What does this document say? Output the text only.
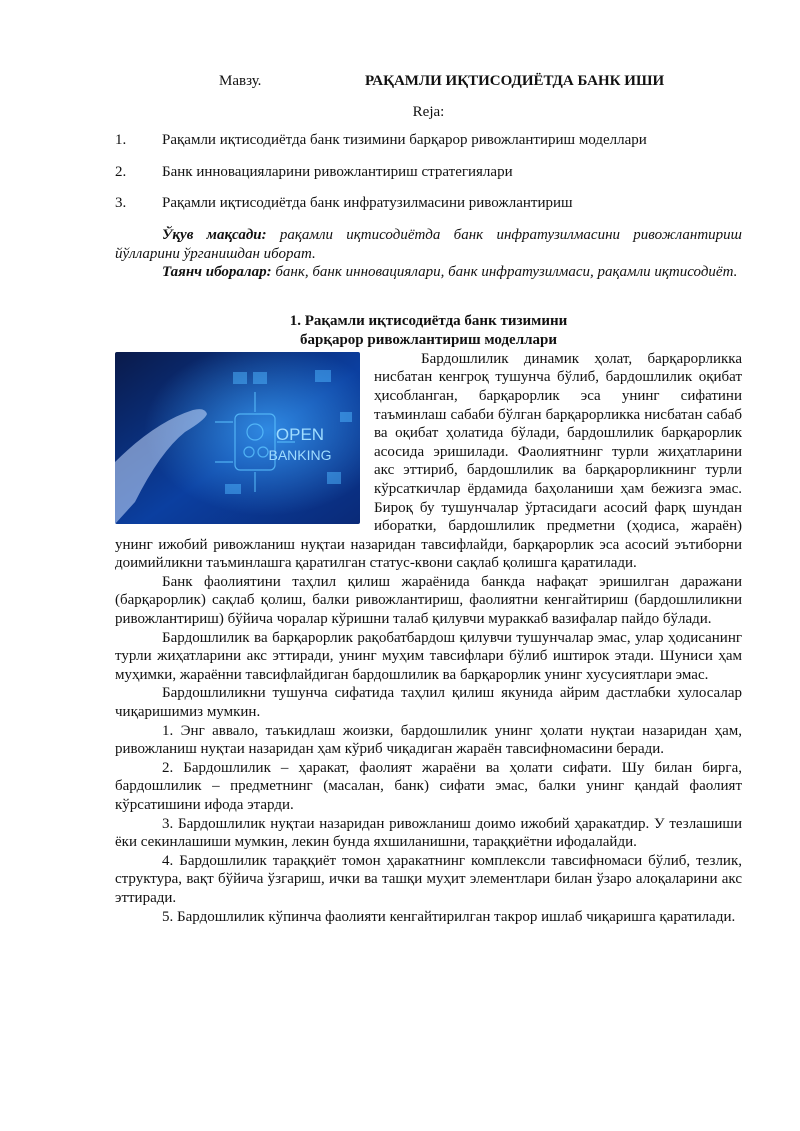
Мавзу.	РАҚАМЛИ ИҚТИСОДИЁТДА БАНК ИШИ
Reja:
1.	Рақамли иқтисодиётда банк тизимини барқарор ривожлантириш моделлари
2.	Банк инновацияларини ривожлантириш стратегиялари
3.	Рақамли иқтисодиётда банк инфратузилмасини ривожлантириш

Ўқув мақсади: рақамли иқтисодиётда банк инфратузилмасини ривожлантириш йўлларини ўрганишдан иборат.

Таянч иборалар: банк, банк инновациялари, банк инфратузилмаси, рақамли иқтисодиёт.

1. Рақамли иқтисодиётда банк тизимини
барқарор ривожлантириш моделлари
OPEN
BANKING

Бардошлилик динамик ҳолат, барқарорликка нисбатан кенгроқ тушунча бўлиб, бардошлилик оқибат ҳисобланган, барқарорлик эса унинг сифатини таъминлаш сабаби бўлган барқарорликка нисбатан сабаб ва оқибат ҳолатида бўлади, бардошлилик барқарорлик асосида эришилади. Фаолиятнинг турли жиҳатларини акс эттириб, бардошлилик ва барқарорликнинг турли кўрсаткичлар ёрдамида баҳоланиши ҳам бежизга эмас. Бироқ бу тушунчалар ўртасидаги асосий фарқ шундан иборатки, бардошлилик предметни (ҳодиса, жараён) унинг ижобий ривожланиш нуқтаи назаридан тавсифлайди, барқарорлик эса асосий эътиборни доимийликни таъминлашга қаратилган статус-квони сақлаб қолишга қаратилади.

Банк фаолиятини таҳлил қилиш жараёнида банкда нафақат эришилган даражани (барқарорлик) сақлаб қолиш, балки ривожлантириш, фаолиятни кенгайтириш (бардошлиликни ривожлантириш) бўйича чоралар кўришни талаб қилувчи мураккаб вазифалар пайдо бўлади.

Бардошлилик ва барқарорлик рақобатбардош қилувчи тушунчалар эмас, улар ҳодисанинг турли жиҳатларини акс эттиради, унинг муҳим тавсифлари бўлиб иштирок этади. Шуниси ҳам муҳимки, жараённи тавсифлайдиган бардошлилик ва барқарорлик унинг хусусиятлари эмас.

Бардошлиликни тушунча сифатида таҳлил қилиш якунида айрим дастлабки хулосалар чиқаришимиз мумкин.

1. Энг аввало, таъкидлаш жоизки, бардошлилик унинг ҳолати нуқтаи назаридан ҳам, ривожланиш нуқтаи назаридан ҳам кўриб чиқадиган жараён тавсифномасини беради.

2. Бардошлилик – ҳаракат, фаолият жараёни ва ҳолати сифати. Шу билан бирга, бардошлилик – предметнинг (масалан, банк) сифати эмас, балки унинг қандай фаолият кўрсатишини ифода этарди.

3. Бардошлилик нуқтаи назаридан ривожланиш доимо ижобий ҳаракатдир. У тезлашиши ёки секинлашиши мумкин, лекин бунда яхшиланишни, тараққиётни ифодалайди.

4. Бардошлилик тараққиёт томон ҳаракатнинг комплексли тавсифномаси бўлиб, тезлик, структура, вақт бўйича ўзгариш, ички ва ташқи муҳит элементлари билан ўзаро алоқаларини акс эттиради.

5. Бардошлилик кўпинча фаолияти кенгайтирилган такрор ишлаб чиқаришга қаратилади.
